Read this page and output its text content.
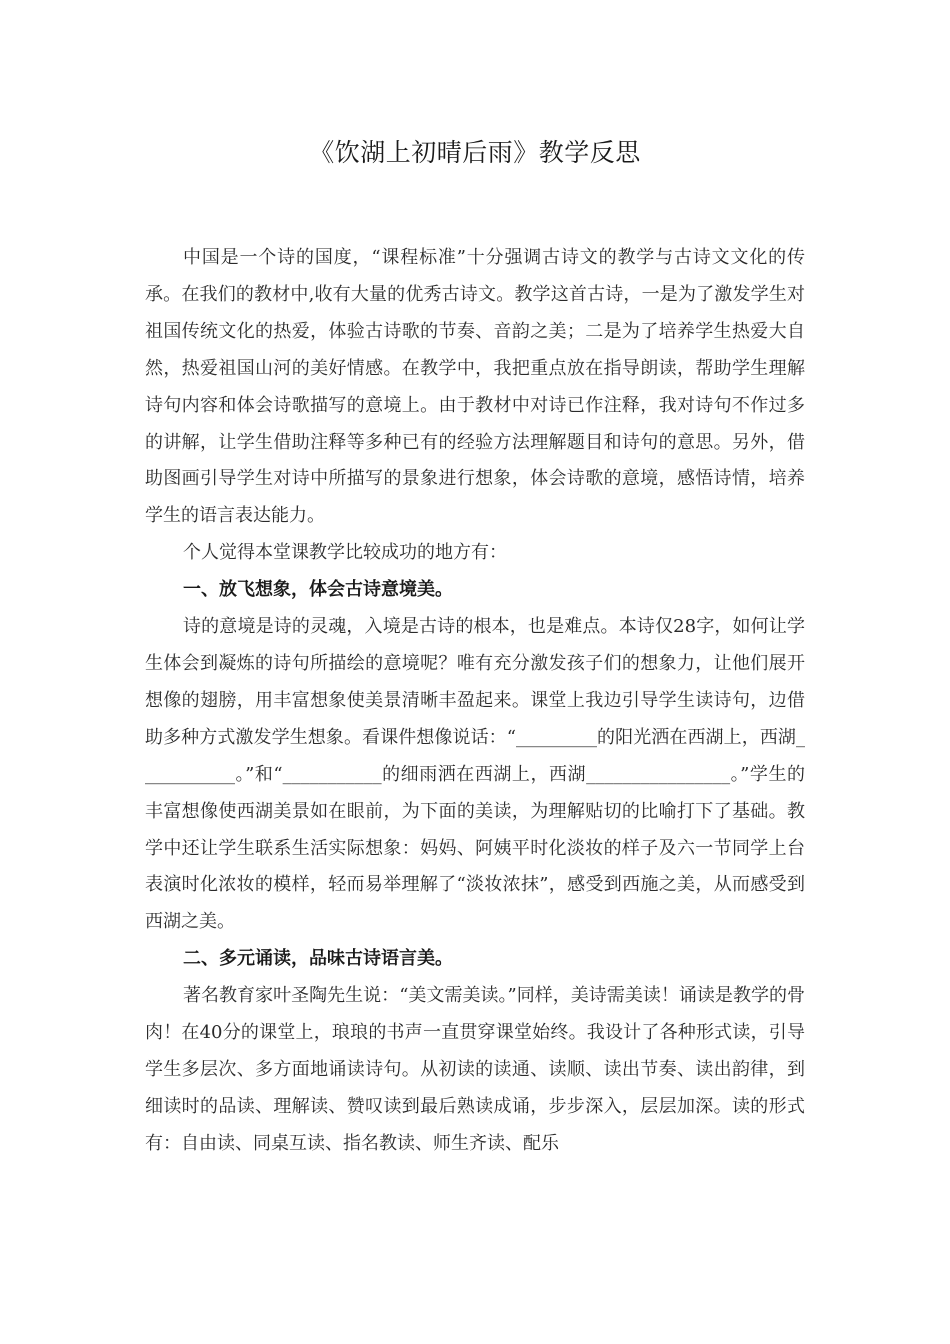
《饮湖上初晴后雨》教学反思

中国是一个诗的国度，“课程标准”十分强调古诗文的教学与古诗文文化的传承。在我们的教材中,收有大量的优秀古诗文。教学这首古诗，一是为了激发学生对祖国传统文化的热爱，体验古诗歌的节奏、音韵之美；二是为了培养学生热爱大自然，热爱祖国山河的美好情感。在教学中，我把重点放在指导朗读，帮助学生理解诗句内容和体会诗歌描写的意境上。由于教材中对诗已作注释，我对诗句不作过多的讲解，让学生借助注释等多种已有的经验方法理解题目和诗句的意思。另外，借助图画引导学生对诗中所描写的景象进行想象，体会诗歌的意境，感悟诗情，培养学生的语言表达能力。

个人觉得本堂课教学比较成功的地方有：

一、放飞想象，体会古诗意境美。

诗的意境是诗的灵魂，入境是古诗的根本，也是难点。本诗仅28字，如何让学生体会到凝炼的诗句所描绘的意境呢？唯有充分激发孩子们的想象力，让他们展开想像的翅膀，用丰富想象使美景清晰丰盈起来。课堂上我边引导学生读诗句，边借助多种方式激发学生想象。看课件想像说话：“_________的阳光洒在西湖上，西湖___________。”和“___________的细雨洒在西湖上，西湖________________。”学生的丰富想像使西湖美景如在眼前，为下面的美读，为理解贴切的比喻打下了基础。教学中还让学生联系生活实际想象：妈妈、阿姨平时化淡妆的样子及六一节同学上台表演时化浓妆的模样，轻而易举理解了“淡妆浓抹”，感受到西施之美，从而感受到西湖之美。

二、多元诵读，品味古诗语言美。

著名教育家叶圣陶先生说：“美文需美读。”同样，美诗需美读！诵读是教学的骨肉！在40分的课堂上，琅琅的书声一直贯穿课堂始终。我设计了各种形式读，引导学生多层次、多方面地诵读诗句。从初读的读通、读顺、读出节奏、读出韵律，到细读时的品读、理解读、赞叹读到最后熟读成诵，步步深入，层层加深。读的形式有：自由读、同桌互读、指名教读、师生齐读、配乐
